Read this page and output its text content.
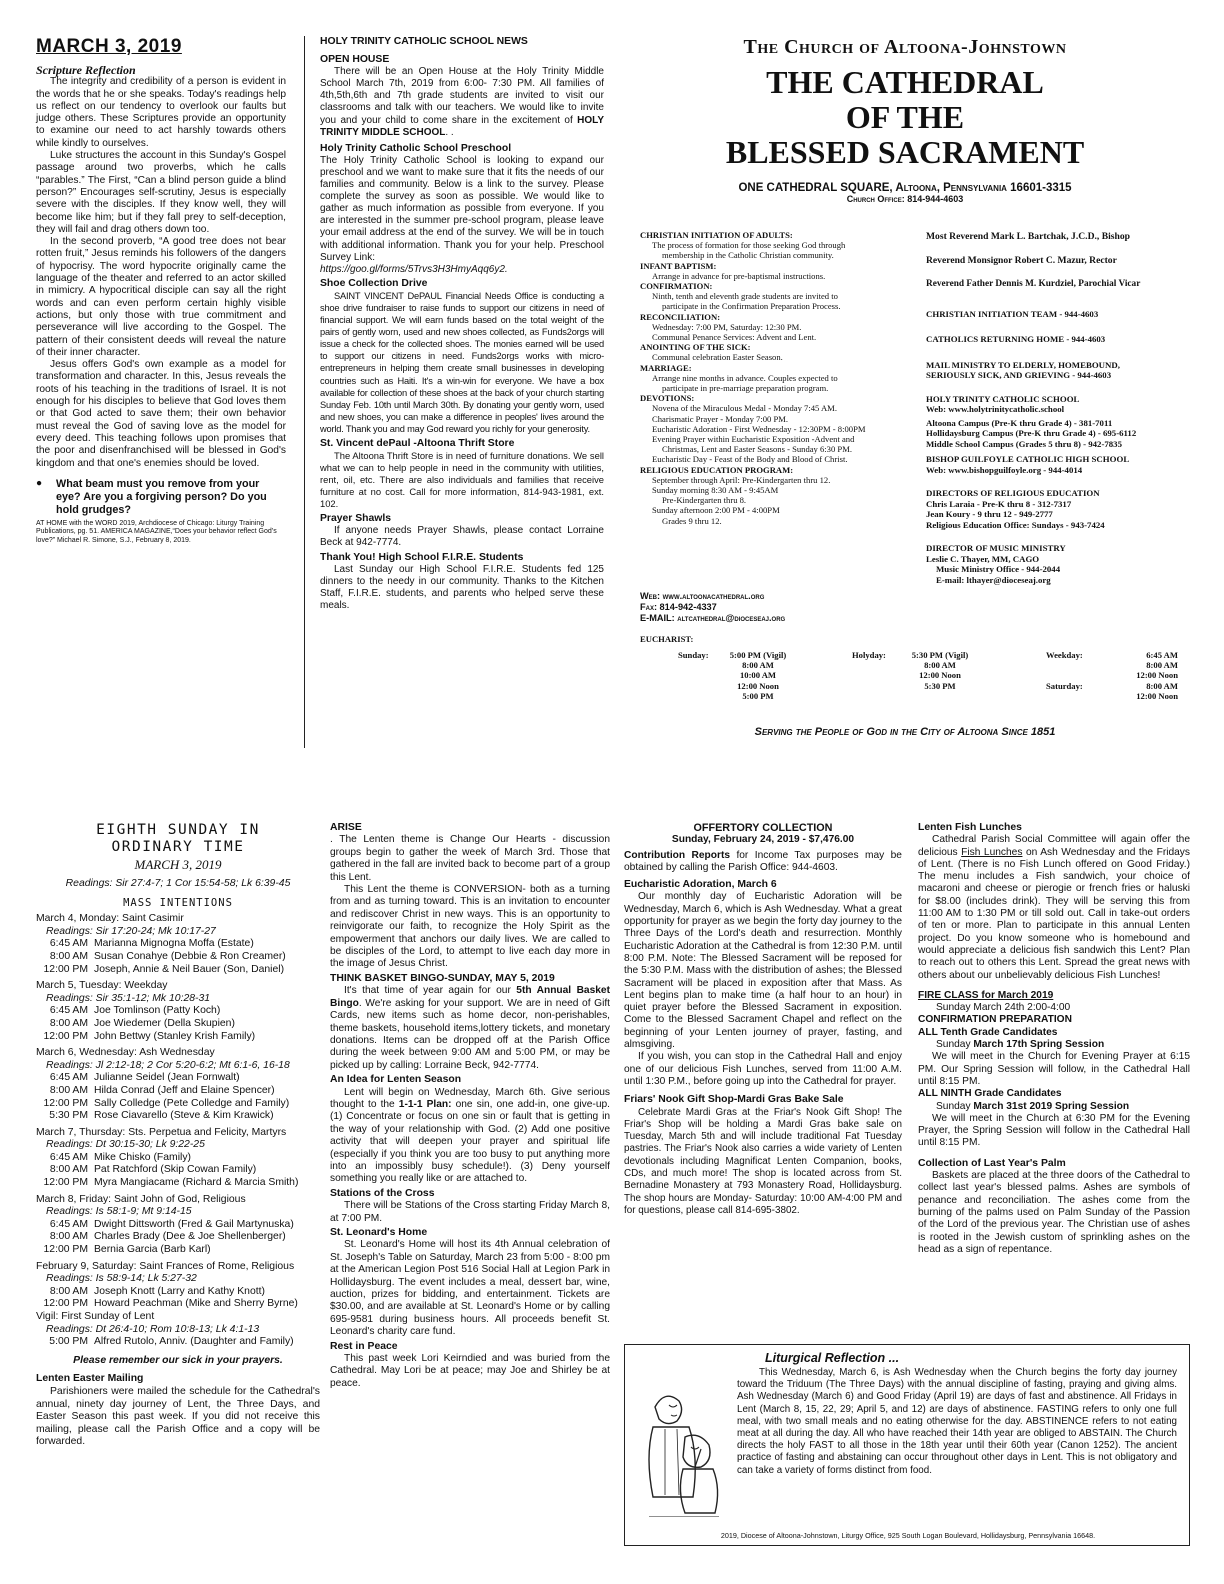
MARCH 3, 2019
Scripture Reflection

The integrity and credibility of a person is evident in the words that he or she speaks. Today's readings help us reflect on our tendency to overlook our faults but judge others. These Scriptures provide an opportunity to examine our need to act harshly towards others while kindly to ourselves.

Luke structures the account in this Sunday's Gospel passage around two proverbs, which he calls “parables.” The First, “Can a blind person guide a blind person?” Encourages self-scrutiny, Jesus is especially severe with the disciples. If they know well, they will become like him; but if they fall prey to self-deception, they will fail and drag others down too.

In the second proverb, “A good tree does not bear rotten fruit,” Jesus reminds his followers of the dangers of hypocrisy. The word hypocrite originally came the language of the theater and referred to an actor skilled in mimicry. A hypocritical disciple can say all the right words and can even perform certain highly visible actions, but only those with true commitment and perseverance will live according to the Gospel. The pattern of their consistent deeds will reveal the nature of their inner character.

Jesus offers God's own example as a model for transformation and character. In this, Jesus reveals the roots of his teaching in the traditions of Israel. It is not enough for his disciples to believe that God loves them or that God acted to save them; their own behavior must reveal the God of saving love as the model for every deed. This teaching follows upon promises that the poor and disenfranchised will be blessed in God's kingdom and that one's enemies should be loved.

●	What beam must you remove from your eye? Are you a forgiving person? Do you hold grudges?
AT HOME with the WORD 2019, Archdiocese of Chicago: Liturgy Training Publications, pg. 51. AMERICA MAGAZINE,“Does your behavior reflect God’s love?” Michael R. Simone, S.J., February 8, 2019.
HOLY TRINITY CATHOLIC SCHOOL NEWS
OPEN HOUSE

There will be an Open House at the Holy Trinity Middle School March 7th, 2019 from 6:00- 7:30 PM. All families of 4th,5th,6th and 7th grade students are invited to visit our classrooms and talk with our teachers. We would like to invite you and your child to come share in the excitement of HOLY TRINITY MIDDLE SCHOOL. .

Holy Trinity Catholic School Preschool

The Holy Trinity Catholic School is looking to expand our preschool and we want to make sure that it fits the needs of our families and community. Below is a link to the survey. Please complete the survey as soon as possible. We would like to gather as much information as possible from everyone. If you are interested in the summer pre-school program, please leave your email address at the end of the survey. We will be in touch with additional information. Thank you for your help. Preschool Survey Link:

https://goo.gl/forms/5Trvs3H3HmyAqq6y2.

Shoe Collection Drive

SAINT VINCENT DePAUL Financial Needs Office is conducting a shoe drive fundraiser to raise funds to support our citizens in need of financial support. We will earn funds based on the total weight of the pairs of gently worn, used and new shoes collected, as Funds2orgs will issue a check for the collected shoes. The monies earned will be used to support our citizens in need. Funds2orgs works with micro-entrepreneurs in helping them create small businesses in developing countries such as Haiti. It's a win-win for everyone. We have a box available for collection of these shoes at the back of your church starting Sunday Feb. 10th until March 30th. By donating your gently worn, used and new shoes, you can make a difference in peoples' lives around the world. Thank you and may God reward you richly for your generosity.

St. Vincent dePaul -Altoona Thrift Store

The Altoona Thrift Store is in need of furniture donations. We sell what we can to help people in need in the community with utilities, rent, oil, etc. There are also individuals and families that receive furniture at no cost. Call for more information, 814-943-1981, ext. 102.

Prayer Shawls

If anyone needs Prayer Shawls, please contact Lorraine Beck at 942-7774.

Thank You! High School F.I.R.E. Students

Last Sunday our High School F.I.R.E. Students fed 125 dinners to the needy in our community. Thanks to the Kitchen Staff, F.I.R.E. students, and parents who helped serve these meals.

The Church of Altoona-Johnstown
THE CATHEDRAL
OF THE
BLESSED SACRAMENT
ONE CATHEDRAL SQUARE, Altoona, Pennsylvania 16601-3315
Church Office: 814-944-4603
CHRISTIAN INITIATION OF ADULTS:
The process of formation for those seeking God through
membership in the Catholic Christian community.
INFANT BAPTISM:
Arrange in advance for pre-baptismal instructions.
CONFIRMATION:
Ninth, tenth and eleventh grade students are invited to
participate in the Confirmation Preparation Process.
RECONCILIATION:
Wednesday: 7:00 PM, Saturday: 12:30 PM.
Communal Penance Services: Advent and Lent.
ANOINTING OF THE SICK:
Communal celebration Easter Season.
MARRIAGE:
Arrange nine months in advance. Couples expected to
participate in pre-marriage preparation program.
DEVOTIONS:
Novena of the Miraculous Medal - Monday 7:45 AM.
Charismatic Prayer - Monday 7:00 PM.
Eucharistic Adoration - First Wednesday - 12:30PM - 8:00PM
Evening Prayer within Eucharistic Exposition -Advent and
Christmas, Lent and Easter Seasons - Sunday 6:30 PM.
Eucharistic Day - Feast of the Body and Blood of Christ.
RELIGIOUS EDUCATION PROGRAM:
September through April: Pre-Kindergarten thru 12.
Sunday morning 8:30 AM - 9:45AM
Pre-Kindergarten thru 8.
Sunday afternoon 2:00 PM - 4:00PM
Grades 9 thru 12.
Web: www.altoonacathedral.org
Fax: 814-942-4337
E-MAIL: altcathedral@dioceseaj.org
Most Reverend Mark L. Bartchak, J.C.D., Bishop
Reverend Monsignor Robert C. Mazur, Rector
Reverend Father Dennis M. Kurdziel, Parochial Vicar
CHRISTIAN INITIATION TEAM - 944-4603
CATHOLICS RETURNING HOME - 944-4603
MAIL MINISTRY TO ELDERLY, HOMEBOUND,
SERIOUSLY SICK, AND GRIEVING - 944-4603
HOLY TRINITY CATHOLIC SCHOOL
Web: www.holytrinitycatholic.school
Altoona Campus (Pre-K thru Grade 4) - 381-7011
Hollidaysburg Campus (Pre-K thru Grade 4) - 695-6112
Middle School Campus (Grades 5 thru 8) - 942-7835
BISHOP GUILFOYLE CATHOLIC HIGH SCHOOL
Web: www.bishopguilfoyle.org - 944-4014
DIRECTORS OF RELIGIOUS EDUCATION
Chris Laraia - Pre-K thru 8 - 312-7317
Jean Koury - 9 thru 12 - 949-2777
Religious Education Office: Sundays - 943-7424
DIRECTOR OF MUSIC MINISTRY
Leslie C. Thayer, MM, CAGO
Music Ministry Office - 944-2044
E-mail: lthayer@dioceseaj.org
EUCHARIST:
Sunday:	5:00 PM (Vigil)
8:00 AM
10:00 AM
12:00 Noon
5:00 PM
Holyday:	5:30 PM (Vigil)
8:00 AM
12:00 Noon
5:30 PM
Weekday:	6:45 AM
8:00 AM
12:00 Noon
Saturday:	8:00 AM
12:00 Noon
Serving the People of God in the City of Altoona Since 1851
EIGHTH SUNDAY IN
ORDINARY TIME
MARCH 3, 2019
Readings: Sir 27:4-7; 1 Cor 15:54-58; Lk 6:39-45
MASS INTENTIONS
March 4, Monday: Saint Casimir
Readings: Sir 17:20-24; Mk 10:17-27
6:45 AM Marianna Mignogna Moffa (Estate)
8:00 AM Susan Conahye (Debbie & Ron Creamer)
12:00 PM Joseph, Annie & Neil Bauer (Son, Daniel)
March 5, Tuesday: Weekday
Readings: Sir 35:1-12; Mk 10:28-31
6:45 AM Joe Tomlinson (Patty Koch)
8:00 AM Joe Wiedemer (Della Skupien)
12:00 PM John Bettwy (Stanley Krish Family)
March 6, Wednesday: Ash Wednesday
Readings: Jl 2:12-18; 2 Cor 5:20-6:2; Mt 6:1-6, 16-18
6:45 AM Julianne Seidel (Jean Fornwalt)
8:00 AM Hilda Conrad (Jeff and Elaine Spencer)
12:00 PM Sally Colledge (Pete Colledge and Family)
5:30 PM Rose Ciavarello (Steve & Kim Krawick)
March 7, Thursday: Sts. Perpetua and Felicity, Martyrs
Readings: Dt 30:15-30; Lk 9:22-25
6:45 AM Mike Chisko (Family)
8:00 AM Pat Ratchford (Skip Cowan Family)
12:00 PM Myra Mangiacame (Richard & Marcia Smith)
March 8, Friday: Saint John of God, Religious
Readings: Is 58:1-9; Mt 9:14-15
6:45 AM Dwight Dittsworth (Fred & Gail Martynuska)
8:00 AM Charles Brady (Dee & Joe Shellenberger)
12:00 PM Bernia Garcia (Barb Karl)
February 9, Saturday: Saint Frances of Rome, Religious
Readings: Is 58:9-14; Lk 5:27-32
8:00 AM Joseph Knott (Larry and Kathy Knott)
12:00 PM Howard Peachman (Mike and Sherry Byrne)
Vigil: First Sunday of Lent
Readings: Dt 26:4-10; Rom 10:8-13; Lk 4:1-13
5:00 PM Alfred Rutolo, Anniv. (Daughter and Family)
Please remember our sick in your prayers.
Lenten Easter Mailing

Parishioners were mailed the schedule for the Cathedral's annual, ninety day journey of Lent, the Three Days, and Easter Season this past week. If you did not receive this mailing, please call the Parish Office and a copy will be forwarded.

ARISE

. The Lenten theme is Change Our Hearts - discussion groups begin to gather the week of March 3rd. Those that gathered in the fall are invited back to become part of a group this Lent.

This Lent the theme is CONVERSION- both as a turning from and as turning toward. This is an invitation to encounter and rediscover Christ in new ways. This is an opportunity to reinvigorate our faith, to recognize the Holy Spirit as the empowerment that anchors our daily lives. We are called to be disciples of the Lord, to attempt to live each day more in the image of Jesus Christ.

THINK BASKET BINGO-SUNDAY, MAY 5, 2019

It's that time of year again for our 5th Annual Basket Bingo. We're asking for your support. We are in need of Gift Cards, new items such as home decor, non-perishables, theme baskets, household items,lottery tickets, and monetary donations. Items can be dropped off at the Parish Office during the week between 9:00 AM and 5:00 PM, or may be picked up by calling: Lorraine Beck, 942-7774.

An Idea for Lenten Season

Lent will begin on Wednesday, March 6th. Give serious thought to the 1-1-1 Plan: one sin, one add-in, one give-up. (1) Concentrate or focus on one sin or fault that is getting in the way of your relationship with God. (2) Add one positive activity that will deepen your prayer and spiritual life (especially if you think you are too busy to put anything more into an impossibly busy schedule!). (3) Deny yourself something you really like or are attached to.

Stations of the Cross

There will be Stations of the Cross starting Friday March 8, at 7:00 PM.

St. Leonard's Home

St. Leonard's Home will host its 4th Annual celebration of St. Joseph's Table on Saturday, March 23 from 5:00 - 8:00 pm at the American Legion Post 516 Social Hall at Legion Park in Hollidaysburg. The event includes a meal, dessert bar, wine, auction, prizes for bidding, and entertainment. Tickets are $30.00, and are available at St. Leonard's Home or by calling 695-9581 during business hours. All proceeds benefit St. Leonard's charity care fund.

Rest in Peace

This past week Lori Keirndied and was buried from the Cathedral. May Lori be at peace; may Joe and Shirley be at peace.

OFFERTORY COLLECTION
Sunday, February 24, 2019 - $7,476.00

Contribution Reports for Income Tax purposes may be obtained by calling the Parish Office: 944-4603.

Eucharistic Adoration, March 6

Our monthly day of Eucharistic Adoration will be Wednesday, March 6, which is Ash Wednesday. What a great opportunity for prayer as we begin the forty day journey to the Three Days of the Lord's death and resurrection. Monthly Eucharistic Adoration at the Cathedral is from 12:30 P.M. until 8:00 P.M. Note: The Blessed Sacrament will be reposed for the 5:30 P.M. Mass with the distribution of ashes; the Blessed Sacrament will be placed in exposition after that Mass. As Lent begins plan to make time (a half hour to an hour) in quiet prayer before the Blessed Sacrament in exposition. Come to the Blessed Sacrament Chapel and reflect on the beginning of your Lenten journey of prayer, fasting, and almsgiving.

If you wish, you can stop in the Cathedral Hall and enjoy one of our delicious Fish Lunches, served from 11:00 A.M. until 1:30 P.M., before going up into the Cathedral for prayer.

Friars' Nook Gift Shop-Mardi Gras Bake Sale

Celebrate Mardi Gras at the Friar's Nook Gift Shop! The Friar's Shop will be holding a Mardi Gras bake sale on Tuesday, March 5th and will include traditional Fat Tuesday pastries. The Friar's Nook also carries a wide variety of Lenten devotionals including Magnificat Lenten Companion, books, CDs, and much more! The shop is located across from St. Bernadine Monastery at 793 Monastery Road, Hollidaysburg. The shop hours are Monday- Saturday: 10:00 AM-4:00 PM and for questions, please call 814-695-3802.

Lenten Fish Lunches

Cathedral Parish Social Committee will again offer the delicious Fish Lunches on Ash Wednesday and the Fridays of Lent. (There is no Fish Lunch offered on Good Friday.) The menu includes a Fish sandwich, your choice of macaroni and cheese or pierogie or french fries or haluski for $8.00 (includes drink). They will be serving this from 11:00 AM to 1:30 PM or till sold out. Call in take-out orders of ten or more. Plan to participate in this annual Lenten project. Do you know someone who is homebound and would appreciate a delicious fish sandwich this Lent? Plan to reach out to others this Lent. Spread the great news with others about our unbelievably delicious Fish Lunches!

FIRE CLASS for March 2019
Sunday March 24th 2:00-4:00
CONFIRMATION PREPARATION
ALL Tenth Grade Candidates
Sunday March 17th Spring Session

We will meet in the Church for Evening Prayer at 6:15 PM. Our Spring Session will follow, in the Cathedral Hall until 8:15 PM.

ALL NINTH Grade Candidates
Sunday March 31st 2019 Spring Session

We will meet in the Church at 6:30 PM for the Evening Prayer, the Spring Session will follow in the Cathedral Hall until 8:15 PM.

Collection of Last Year's Palm

Baskets are placed at the three doors of the Cathedral to collect last year's blessed palms. Ashes are symbols of penance and reconciliation. The ashes come from the burning of the palms used on Palm Sunday of the Passion of the Lord of the previous year. The Christian use of ashes is rooted in the Jewish custom of sprinkling ashes on the head as a sign of repentance.

Liturgical Reflection ...
This Wednesday, March 6, is Ash Wednesday when the Church begins the forty day journey toward the Triduum (The Three Days) with the annual discipline of fasting, praying and giving alms. Ash Wednesday (March 6) and Good Friday (April 19) are days of fast and abstinence. All Fridays in Lent (March 8, 15, 22, 29; April 5, and 12) are days of abstinence. FASTING refers to only one full meal, with two small meals and no eating otherwise for the day. ABSTINENCE refers to not eating meat at all during the day. All who have reached their 14th year are obliged to ABSTAIN. The Church directs the holy FAST to all those in the 18th year until their 60th year (Canon 1252). The ancient practice of fasting and abstaining can occur throughout other days in Lent. This is not obligatory and can take a variety of forms distinct from food.
2019, Diocese of Altoona-Johnstown, Liturgy Office, 925 South Logan Boulevard, Hollidaysburg, Pennsylvania 16648.
